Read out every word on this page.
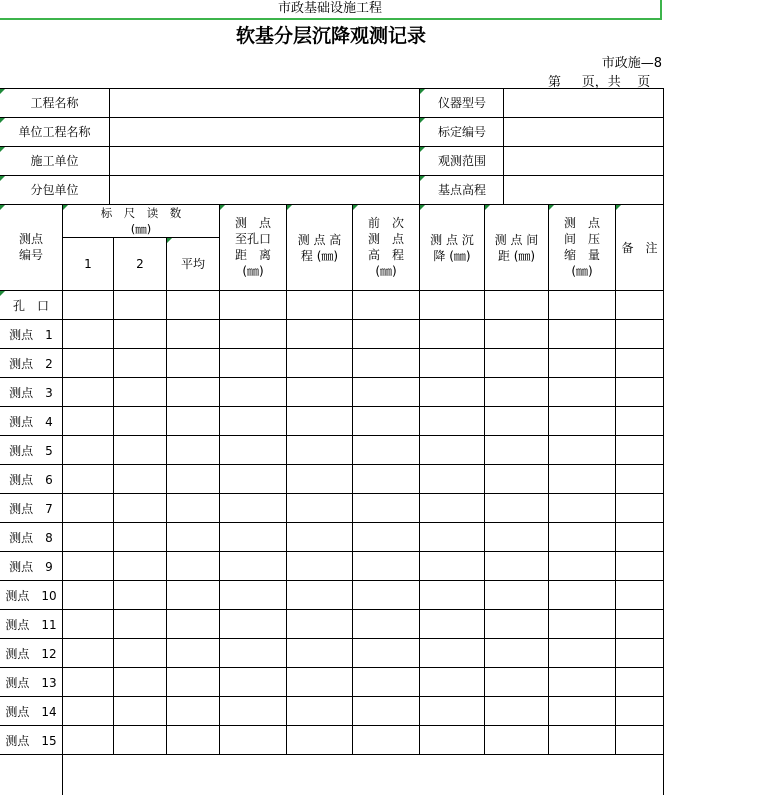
市政基础设施工程
软基分层沉降观测记录
市政施—8
第 页，共 页
工程名称
单位工程名称
施工单位
分包单位
仪器型号
标定编号
观测范围
基点高程
测点
编号
标　尺　读　数
(㎜)
1	2	平均
测　点
至孔口
距　离
(㎜)
测 点 高
程 (㎜)
前　次
测　点
高　程
(㎜)
测 点 沉
降 (㎜)
测 点 间
距 (㎜)
测　点
间　压
缩　量
(㎜)
备　注
孔　口
测点　1
测点　2
测点　3
测点　4
测点　5
测点　6
测点　7
测点　8
测点　9
测点　10
测点　11
测点　12
测点　13
测点　14
测点　15
